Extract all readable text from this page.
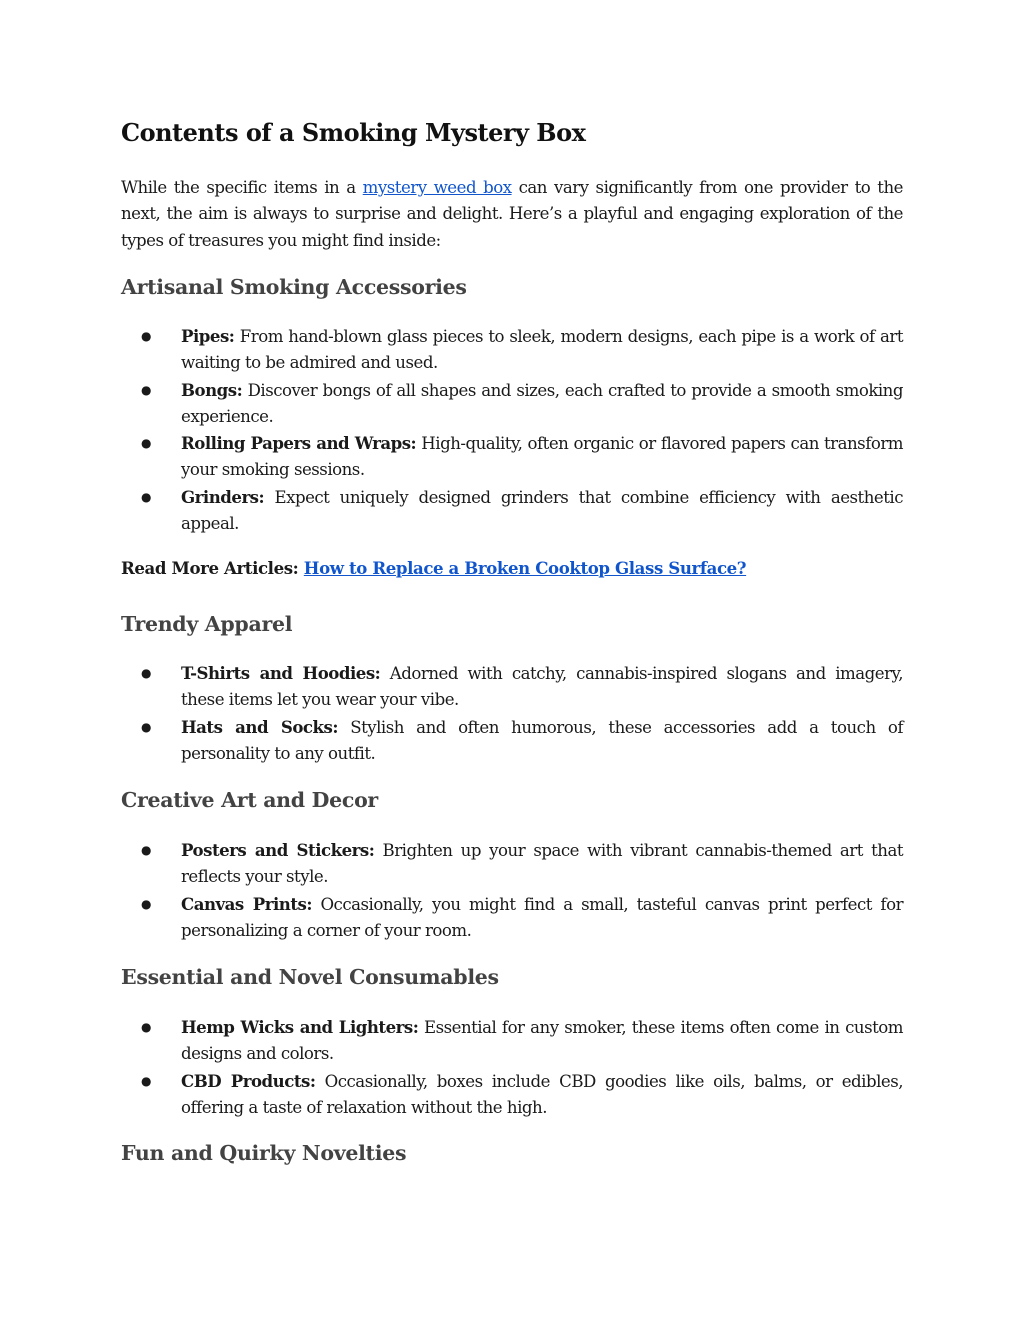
Contents of a Smoking Mystery Box

While the specific items in a mystery weed box can vary significantly from one provider to the next, the aim is always to surprise and delight. Here’s a playful and engaging exploration of the types of treasures you might find inside:

Artisanal Smoking Accessories
● Pipes: From hand-blown glass pieces to sleek, modern designs, each pipe is a work of art waiting to be admired and used.
● Bongs: Discover bongs of all shapes and sizes, each crafted to provide a smooth smoking experience.
● Rolling Papers and Wraps: High-quality, often organic or flavored papers can transform your smoking sessions.
● Grinders: Expect uniquely designed grinders that combine efficiency with aesthetic appeal.

Read More Articles: How to Replace a Broken Cooktop Glass Surface?

Trendy Apparel
● T-Shirts and Hoodies: Adorned with catchy, cannabis-inspired slogans and imagery, these items let you wear your vibe.
● Hats and Socks: Stylish and often humorous, these accessories add a touch of personality to any outfit.
Creative Art and Decor
● Posters and Stickers: Brighten up your space with vibrant cannabis-themed art that reflects your style.
● Canvas Prints: Occasionally, you might find a small, tasteful canvas print perfect for personalizing a corner of your room.
Essential and Novel Consumables
● Hemp Wicks and Lighters: Essential for any smoker, these items often come in custom designs and colors.
● CBD Products: Occasionally, boxes include CBD goodies like oils, balms, or edibles, offering a taste of relaxation without the high.
Fun and Quirky Novelties
